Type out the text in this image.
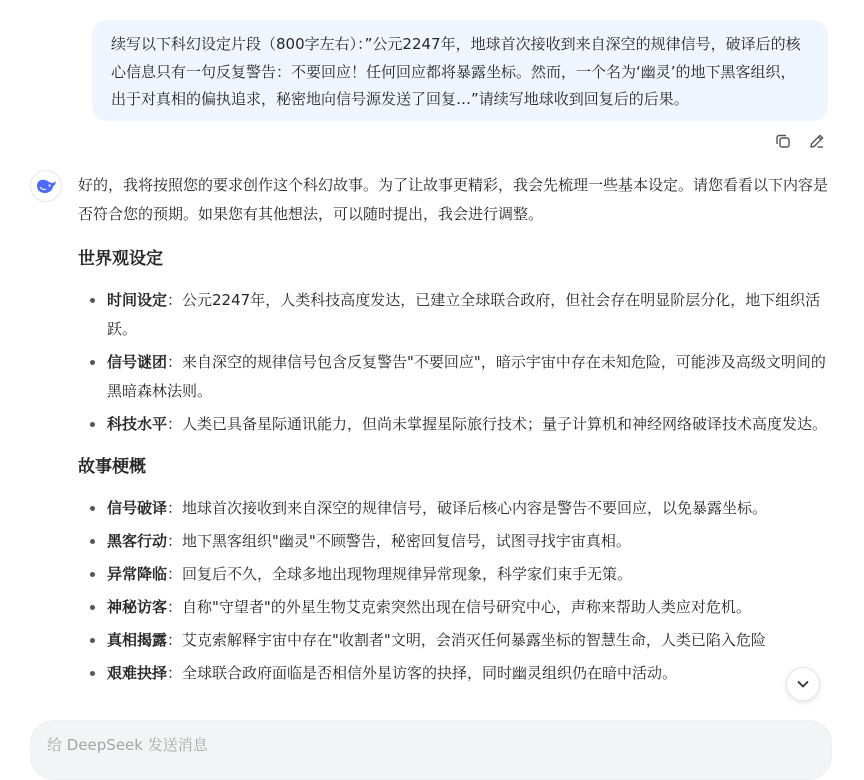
续写以下科幻设定片段（800字左右）：”公元2247年，地球首次接收到来自深空的规律信号，破译后的核心信息只有一句反复警告：不要回应！任何回应都将暴露坐标。然而，一个名为‘幽灵’的地下黑客组织，出于对真相的偏执追求，秘密地向信号源发送了回复…”请续写地球收到回复后的后果。

好的，我将按照您的要求创作这个科幻故事。为了让故事更精彩，我会先梳理一些基本设定。请您看看以下内容是否符合您的预期。如果您有其他想法，可以随时提出，我会进行调整。

世界观设定
时间设定：公元2247年，人类科技高度发达，已建立全球联合政府，但社会存在明显阶层分化，地下组织活跃。
信号谜团：来自深空的规律信号包含反复警告"不要回应"，暗示宇宙中存在未知危险，可能涉及高级文明间的黑暗森林法则。
科技水平：人类已具备星际通讯能力，但尚未掌握星际旅行技术；量子计算机和神经网络破译技术高度发达。
故事梗概
信号破译：地球首次接收到来自深空的规律信号，破译后核心内容是警告不要回应，以免暴露坐标。
黑客行动：地下黑客组织"幽灵"不顾警告，秘密回复信号，试图寻找宇宙真相。
异常降临：回复后不久，全球多地出现物理规律异常现象，科学家们束手无策。
神秘访客：自称"守望者"的外星生物艾克索突然出现在信号研究中心，声称来帮助人类应对危机。
真相揭露：艾克索解释宇宙中存在"收割者"文明，会消灭任何暴露坐标的智慧生命，人类已陷入危险
艰难抉择：全球联合政府面临是否相信外星访客的抉择，同时幽灵组织仍在暗中活动。
给 DeepSeek 发送消息
